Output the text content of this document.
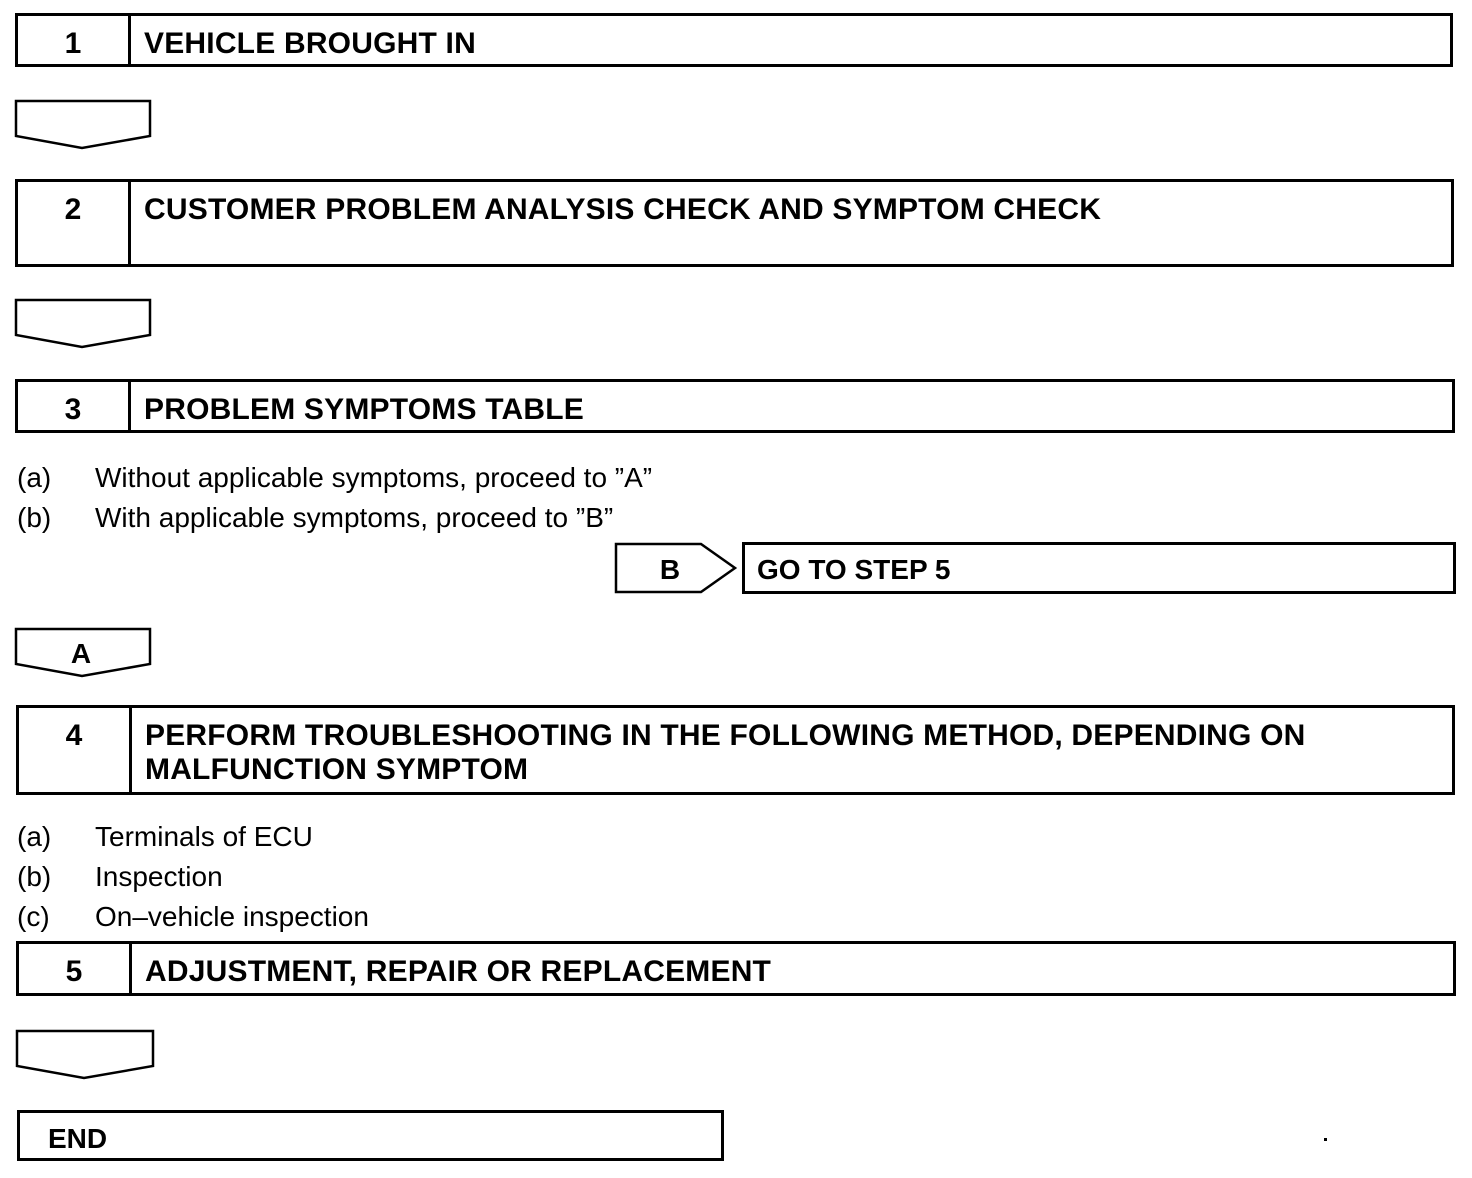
1	VEHICLE BROUGHT IN
2	CUSTOMER PROBLEM ANALYSIS CHECK AND SYMPTOM CHECK
3	PROBLEM SYMPTOMS TABLE
(a)	Without applicable symptoms, proceed to ”A”
(b)	With applicable symptoms, proceed to ”B”
B	GO TO STEP 5
A
4	PERFORM TROUBLESHOOTING IN THE FOLLOWING METHOD, DEPENDING ON MALFUNCTION SYMPTOM
(a)	Terminals of ECU
(b)	Inspection
(c)	On–vehicle inspection
5	ADJUSTMENT, REPAIR OR REPLACEMENT
END
